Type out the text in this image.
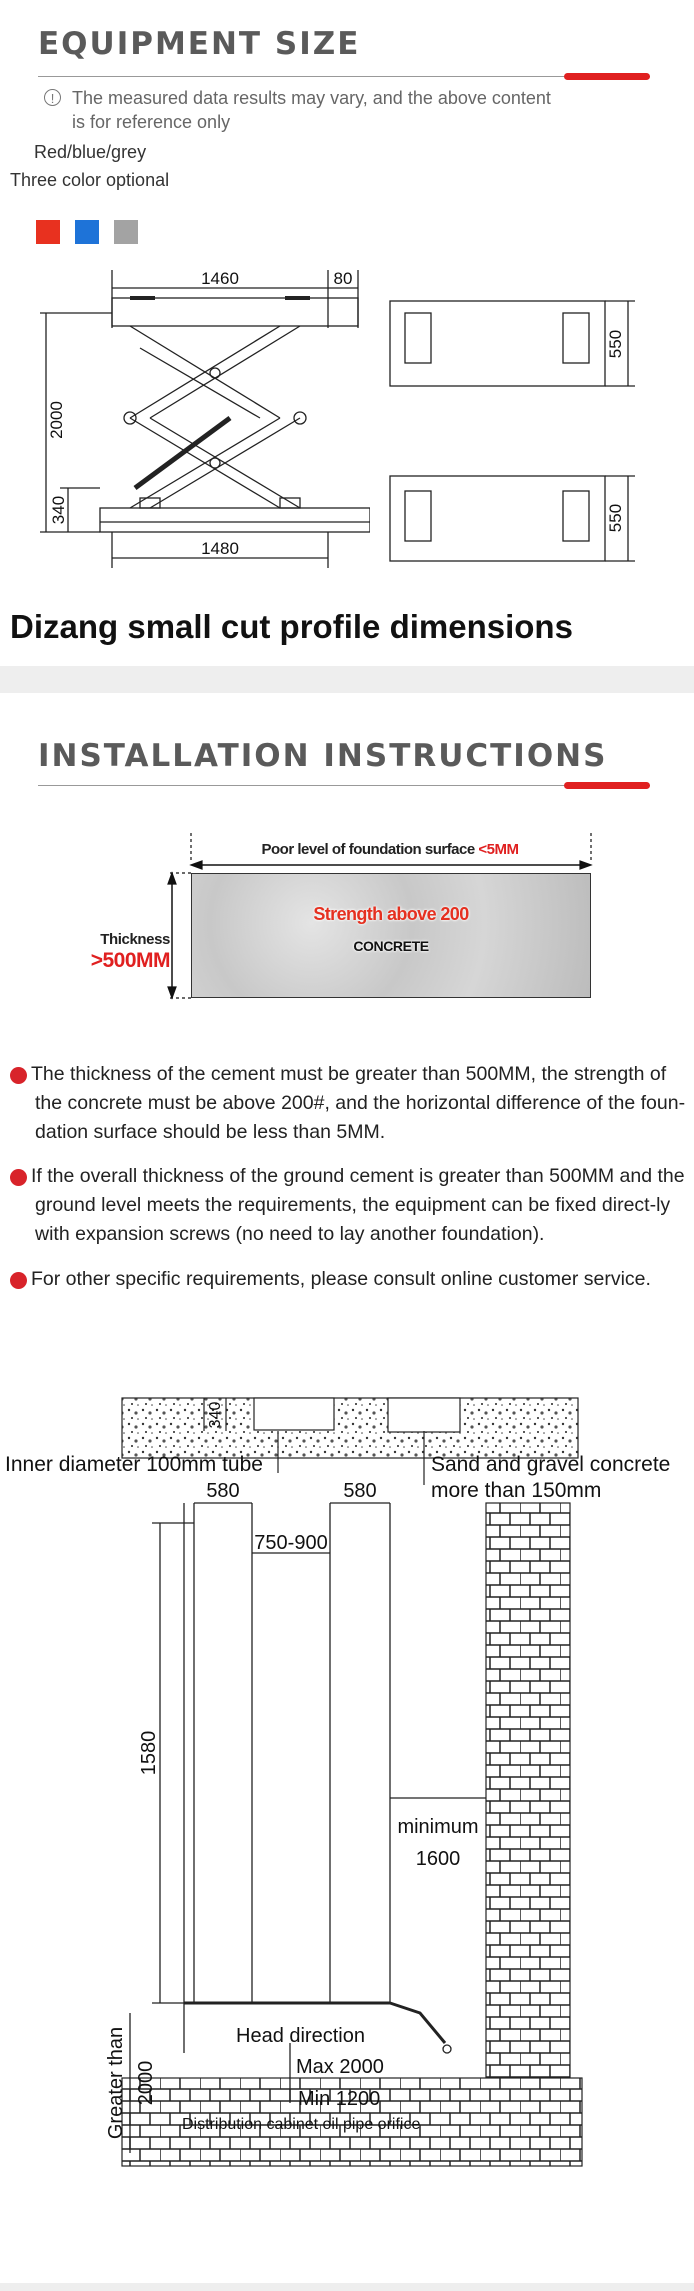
EQUIPMENT SIZE
! The measured data results may vary, and the above content is for reference only
Red/blue/grey
Three color optional
1460	80
2000
340
1480
550
550
Dizang small cut profile dimensions
INSTALLATION INSTRUCTIONS
Poor level of foundation surface <5MM
Strength above 200
CONCRETE
Thickness
>500MM
1 The thickness of the cement must be greater than 500MM, the strength of the concrete must be above 200#, and the horizontal difference of the foun-dation surface should be less than 5MM.
2 If the overall thickness of the ground cement is greater than 500MM and the ground level meets the requirements, the equipment can be fixed direct-ly with expansion screws (no need to lay another foundation).
2 For other specific requirements, please consult online customer service.
340
Inner diameter 100mm tube	Sand and gravel concrete
more than 150mm
580	580
750-900
1580
minimum
1600
Greater than 2000
Head direction
Max 2000
Min 1200
Distribution cabinet oil pipe orifice
